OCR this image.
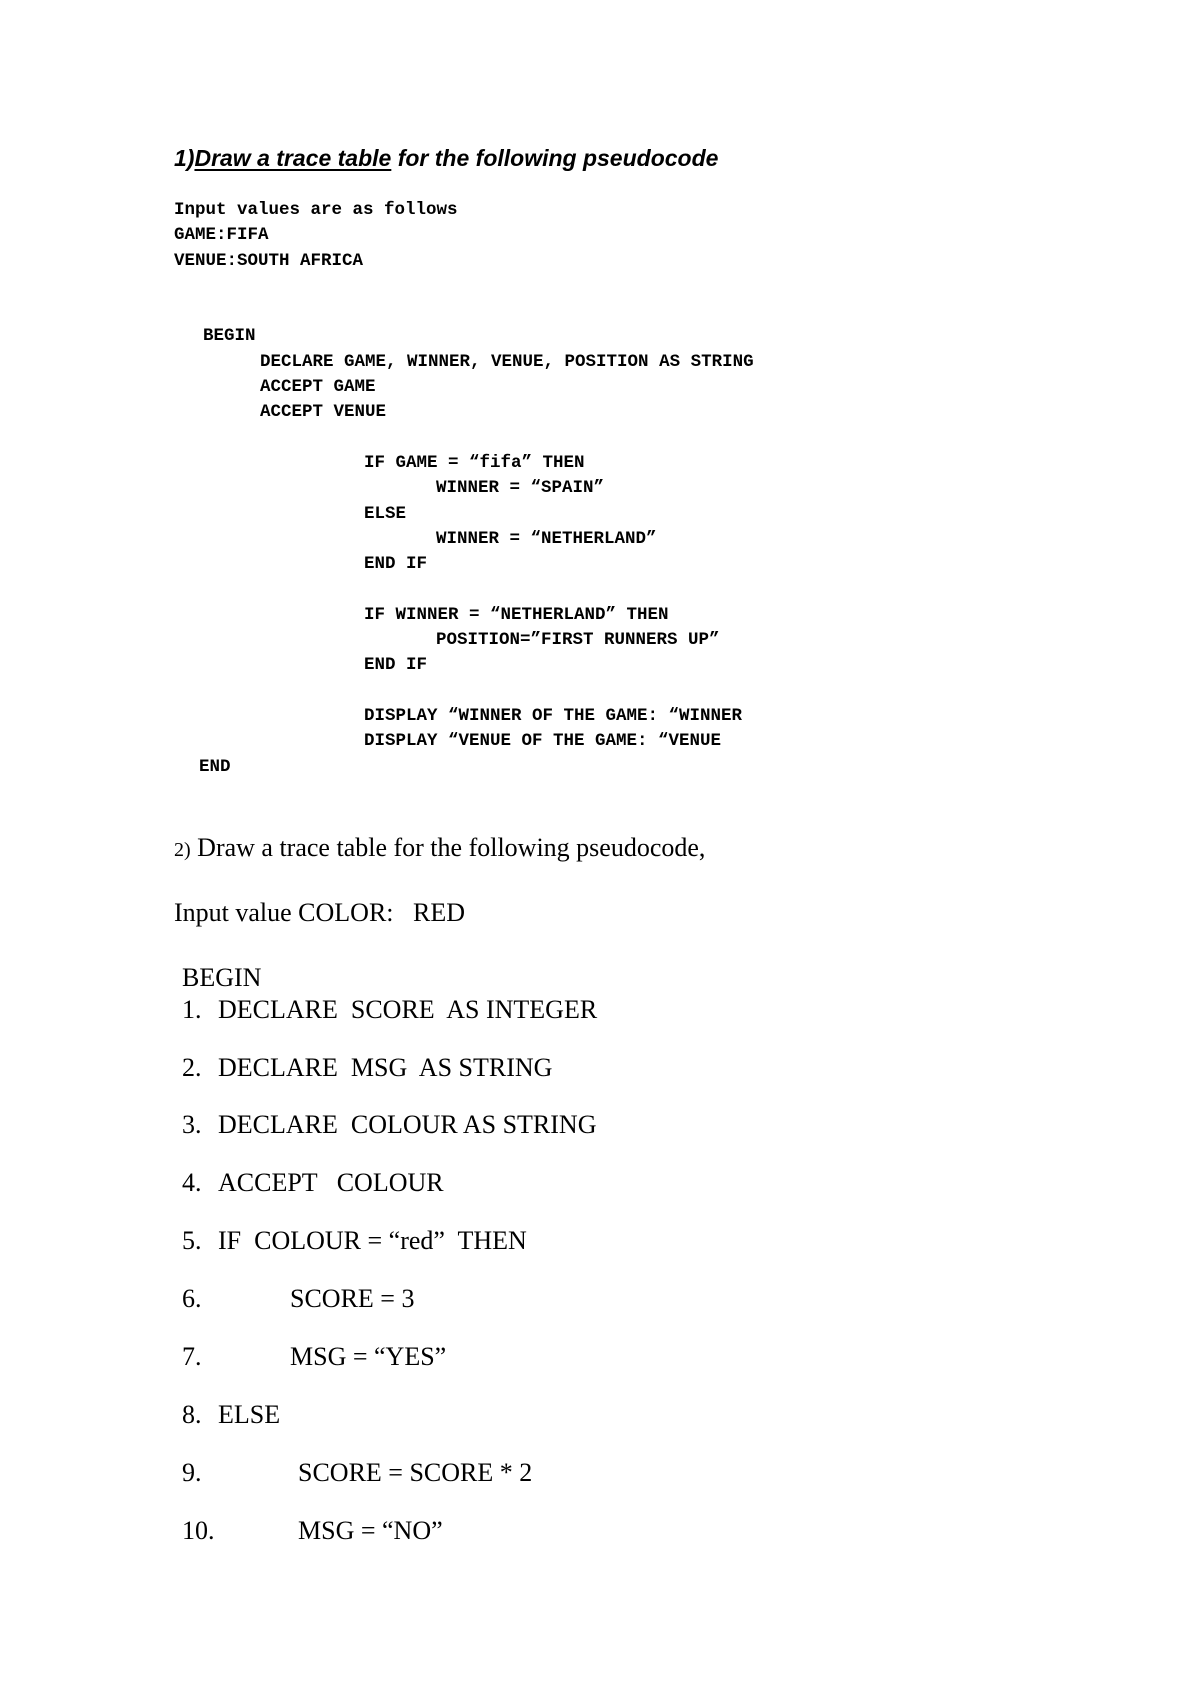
1)Draw a trace table for the following pseudocode
Input values are as follows
GAME:FIFA
VENUE:SOUTH AFRICA
BEGIN
DECLARE GAME, WINNER, VENUE, POSITION AS STRING
ACCEPT GAME
ACCEPT VENUE
IF GAME = “fifa” THEN
WINNER = “SPAIN”
ELSE
WINNER = “NETHERLAND”
END IF
IF WINNER = “NETHERLAND” THEN
POSITION=”FIRST RUNNERS UP”
END IF
DISPLAY “WINNER OF THE GAME: “WINNER
DISPLAY “VENUE OF THE GAME: “VENUE
END
2) Draw a trace table for the following pseudocode,
Input value COLOR:   RED
BEGIN
1. DECLARE  SCORE  AS INTEGER
2. DECLARE  MSG  AS STRING
3. DECLARE  COLOUR AS STRING
4. ACCEPT   COLOUR
5. IF  COLOUR = “red”  THEN
6.	SCORE = 3
7.	MSG = “YES”
8. ELSE
9.	SCORE = SCORE * 2
10.	MSG = “NO”
